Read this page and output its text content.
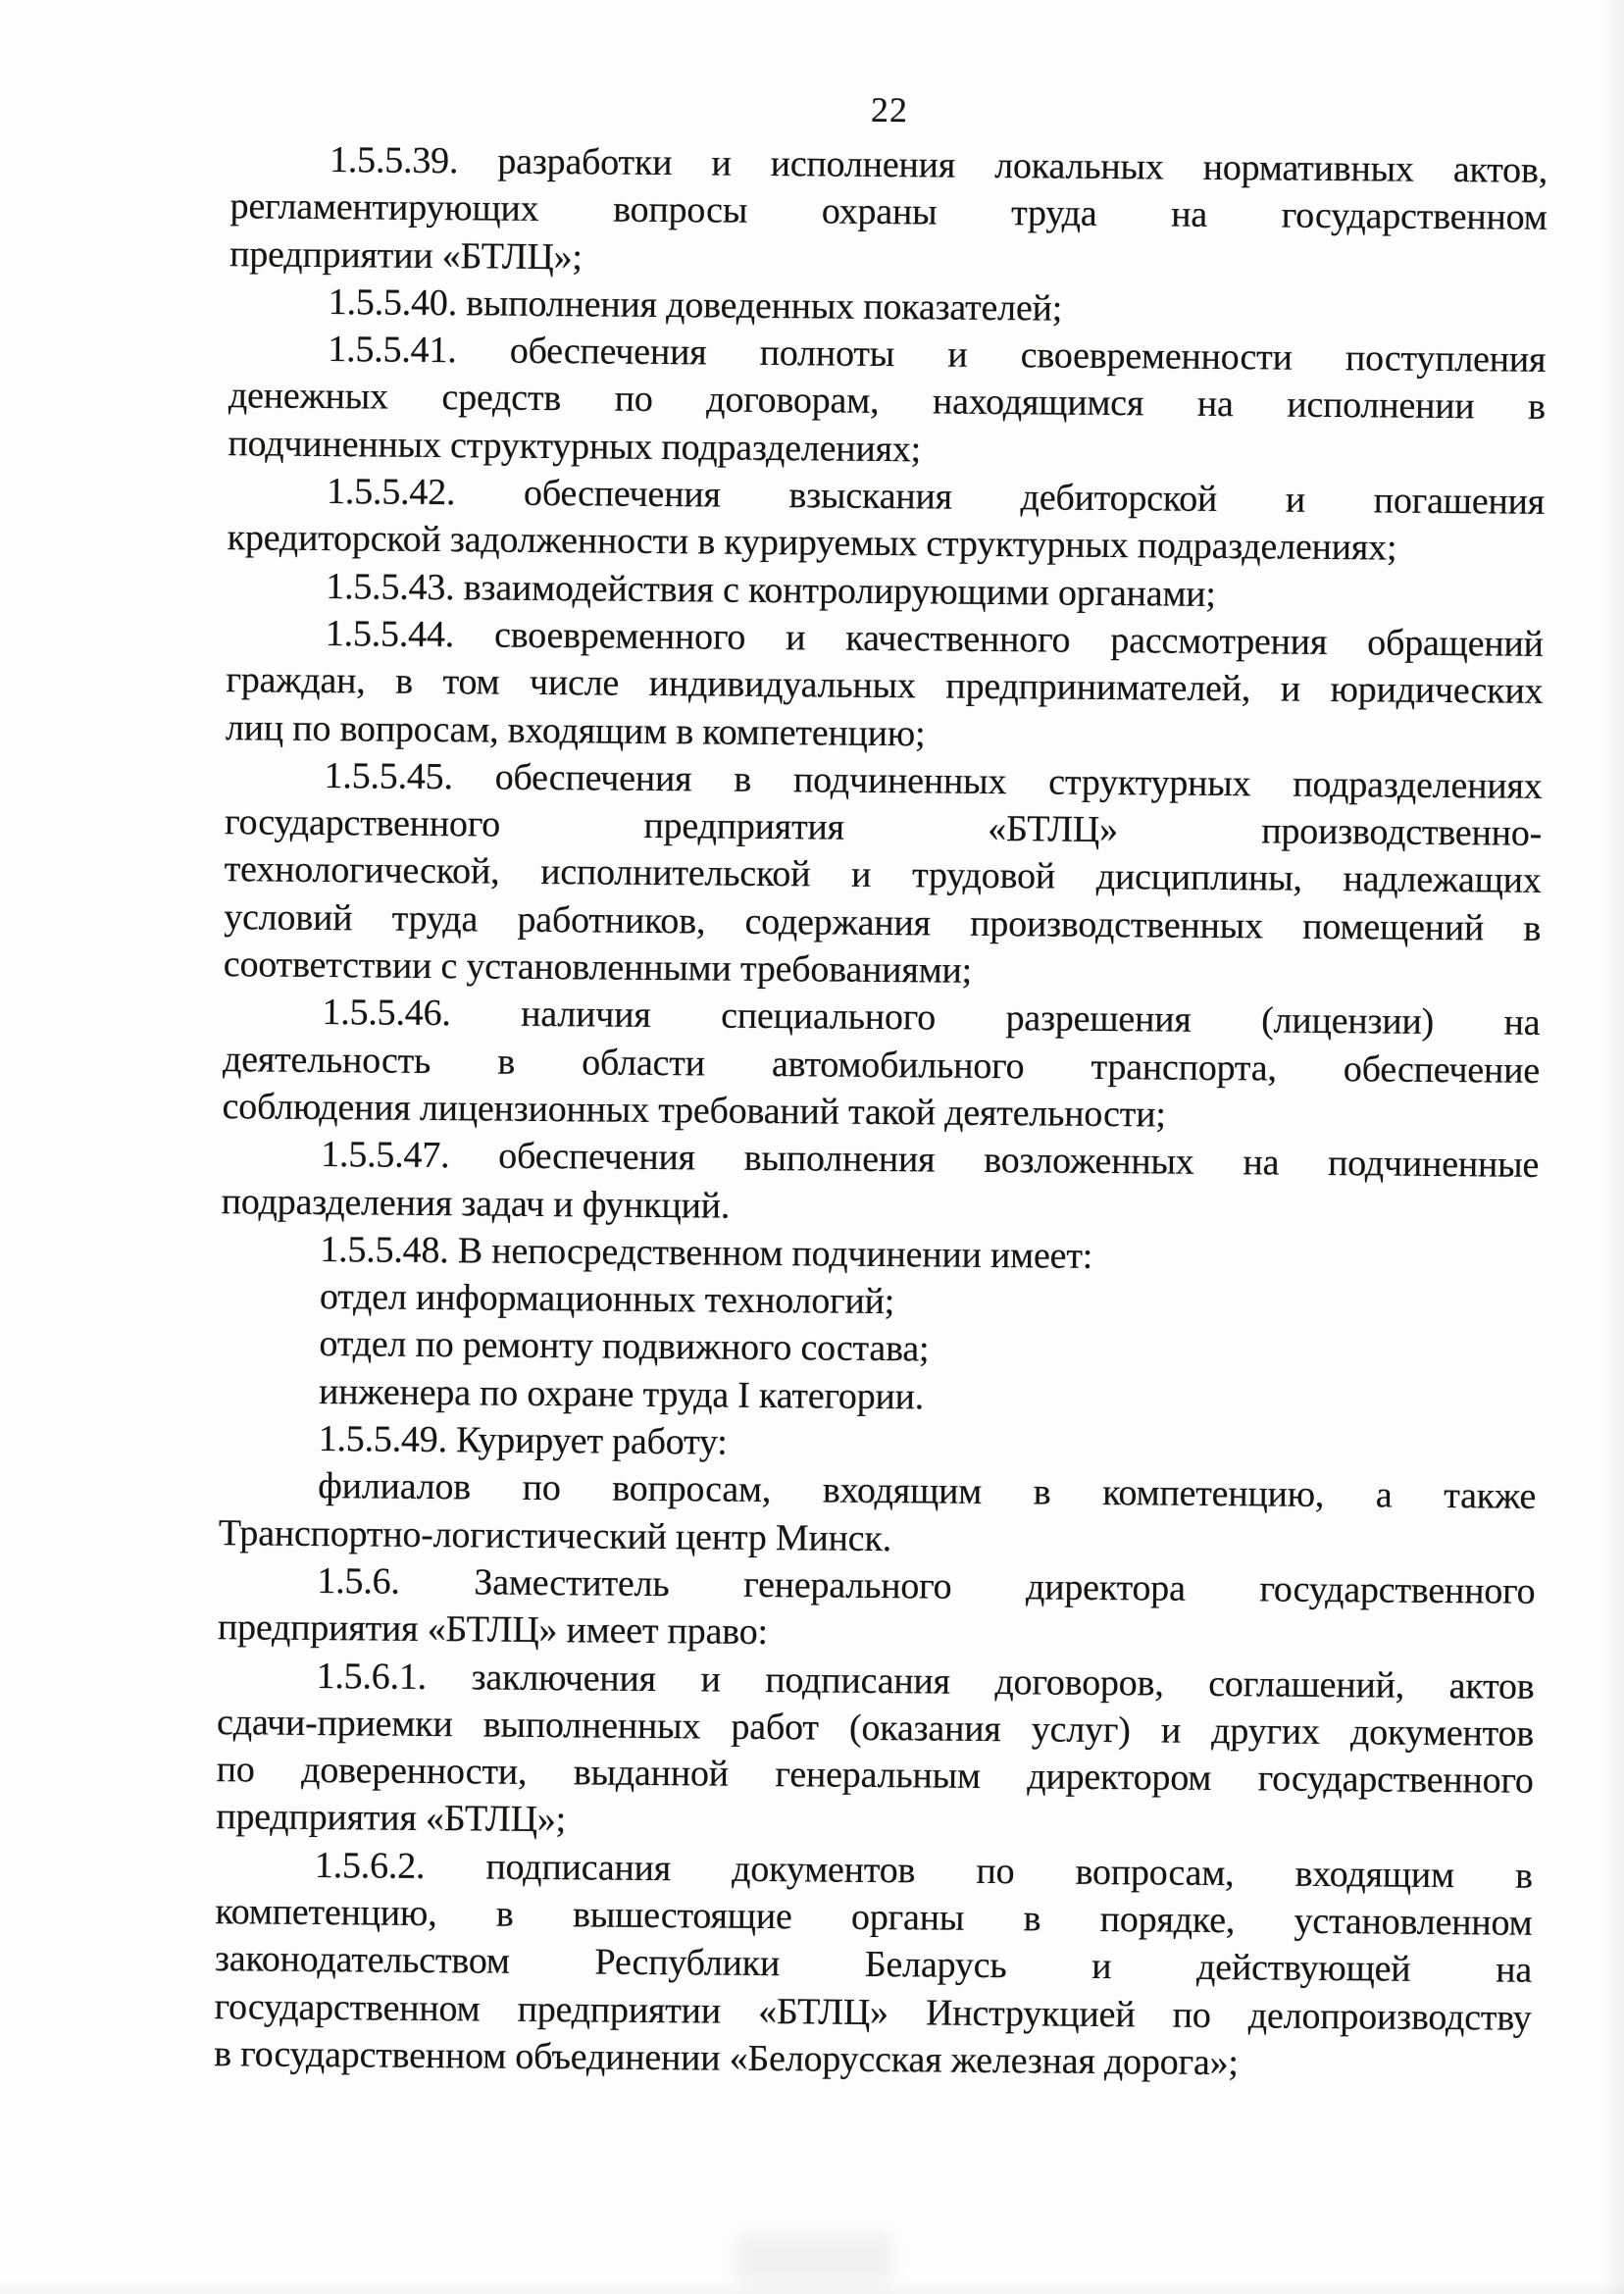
22
1.5.5.39. разработки и исполнения локальных нормативных актов,
регламентирующих вопросы охраны труда на государственном
предприятии «БТЛЦ»;
1.5.5.40. выполнения доведенных показателей;
1.5.5.41. обеспечения полноты и своевременности поступления
денежных средств по договорам, находящимся на исполнении в
подчиненных структурных подразделениях;
1.5.5.42. обеспечения взыскания дебиторской и погашения
кредиторской задолженности в курируемых структурных подразделениях;
1.5.5.43. взаимодействия с контролирующими органами;
1.5.5.44. своевременного и качественного рассмотрения обращений
граждан, в том числе индивидуальных предпринимателей, и юридических
лиц по вопросам, входящим в компетенцию;
1.5.5.45. обеспечения в подчиненных структурных подразделениях
государственного предприятия «БТЛЦ» производственно-
технологической, исполнительской и трудовой дисциплины, надлежащих
условий труда работников, содержания производственных помещений в
соответствии с установленными требованиями;
1.5.5.46. наличия специального разрешения (лицензии) на
деятельность в области автомобильного транспорта, обеспечение
соблюдения лицензионных требований такой деятельности;
1.5.5.47. обеспечения выполнения возложенных на подчиненные
подразделения задач и функций.
1.5.5.48. В непосредственном подчинении имеет:
отдел информационных технологий;
отдел по ремонту подвижного состава;
инженера по охране труда I категории.
1.5.5.49. Курирует работу:
филиалов по вопросам, входящим в компетенцию, а также
Транспортно-логистический центр Минск.
1.5.6. Заместитель генерального директора государственного
предприятия «БТЛЦ» имеет право:
1.5.6.1. заключения и подписания договоров, соглашений, актов
сдачи-приемки выполненных работ (оказания услуг) и других документов
по доверенности, выданной генеральным директором государственного
предприятия «БТЛЦ»;
1.5.6.2. подписания документов по вопросам, входящим в
компетенцию, в вышестоящие органы в порядке, установленном
законодательством Республики Беларусь и действующей на
государственном предприятии «БТЛЦ» Инструкцией по делопроизводству
в государственном объединении «Белорусская железная дорога»;
